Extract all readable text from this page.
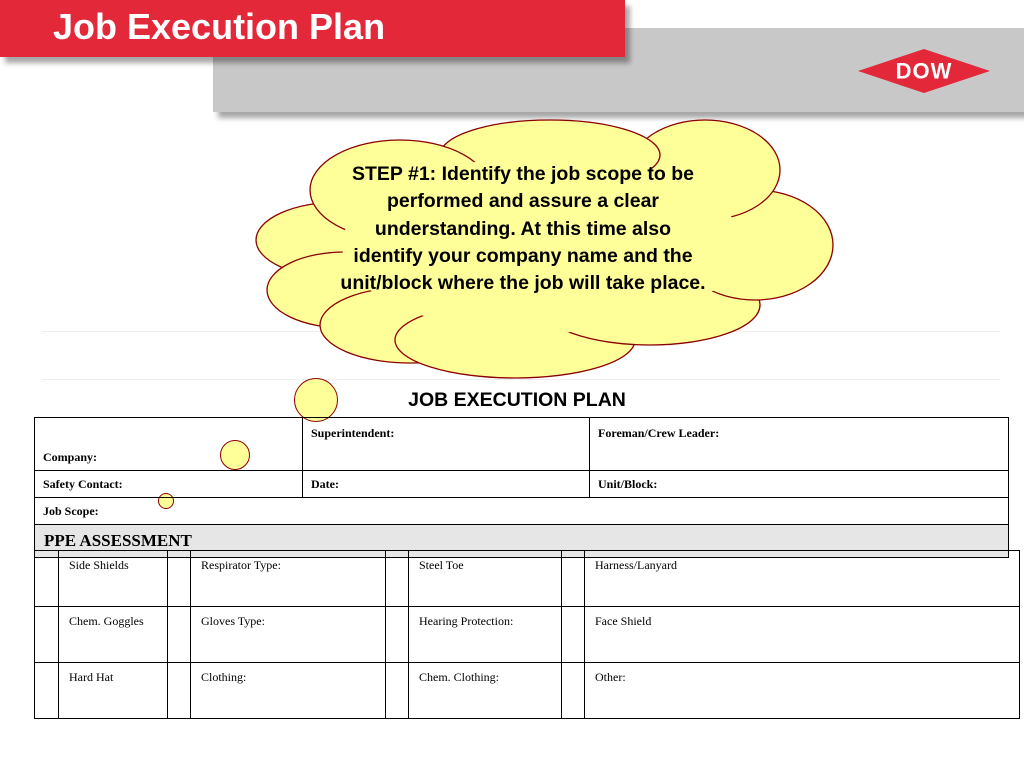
Job Execution Plan
DOW
STEP #1: Identify the job scope to be performed and assure a clear understanding. At this time also identify your company name and the unit/block where the job will take place.
JOB EXECUTION PLAN
Company:	Superintendent:	Foreman/Crew Leader:
Safety Contact:	Date:	Unit/Block:
Job Scope:		
PPE ASSESSMENT		
	Side Shields		Respirator Type:		Steel Toe		Harness/Lanyard
	Chem. Goggles		Gloves Type:		Hearing Protection:		Face Shield
	Hard Hat		Clothing:		Chem. Clothing:		Other:
